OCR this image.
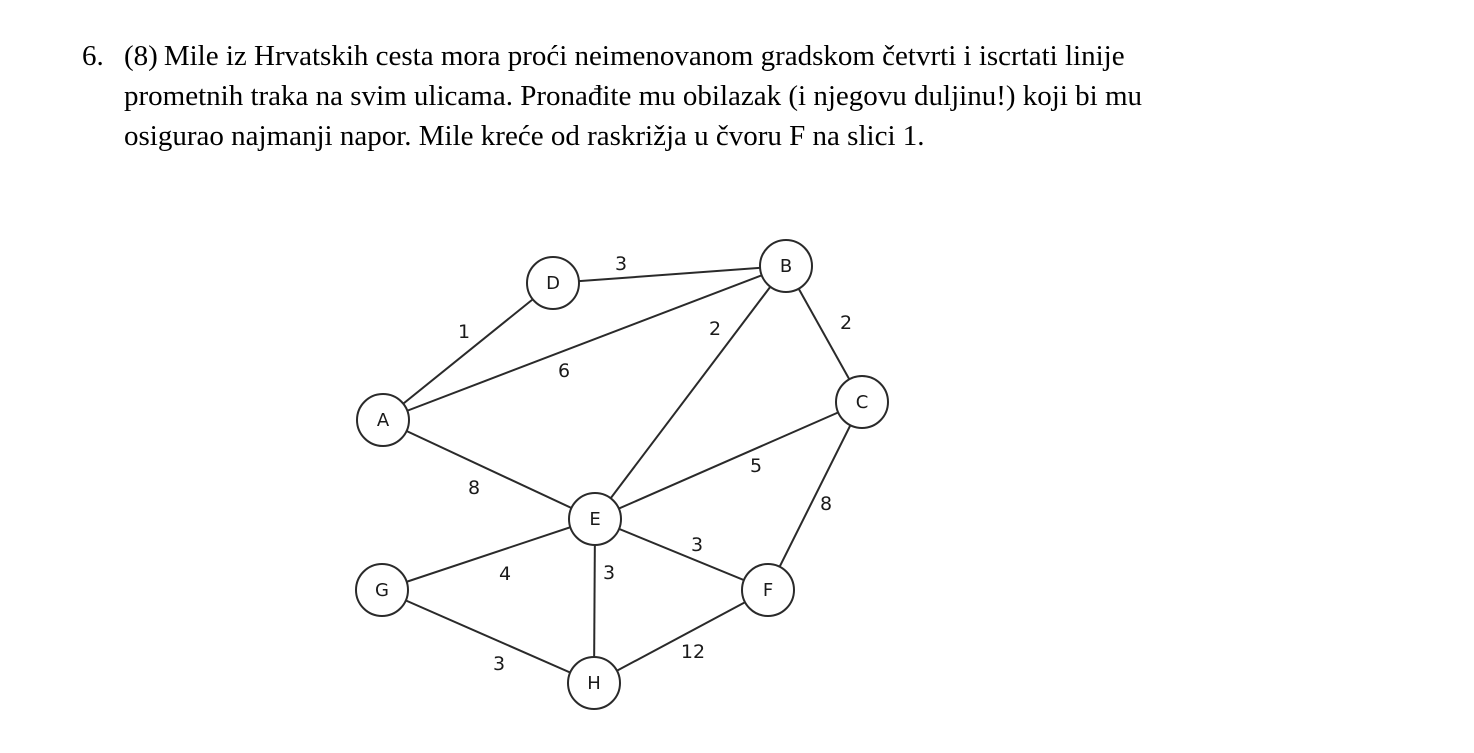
6. (8) Mile iz Hrvatskih cesta mora proći neimenovanom gradskom četvrti i iscrtati linije
prometnih traka na svim ulicama. Pronađite mu obilazak (i njegovu duljinu!) koji bi mu
osigurao najmanji napor. Mile kreće od raskrižja u čvoru F na slici 1.
3
1
6
2	2
8
5
8
3
4	3
3
12
A
B
C
D
E
F
G
H
